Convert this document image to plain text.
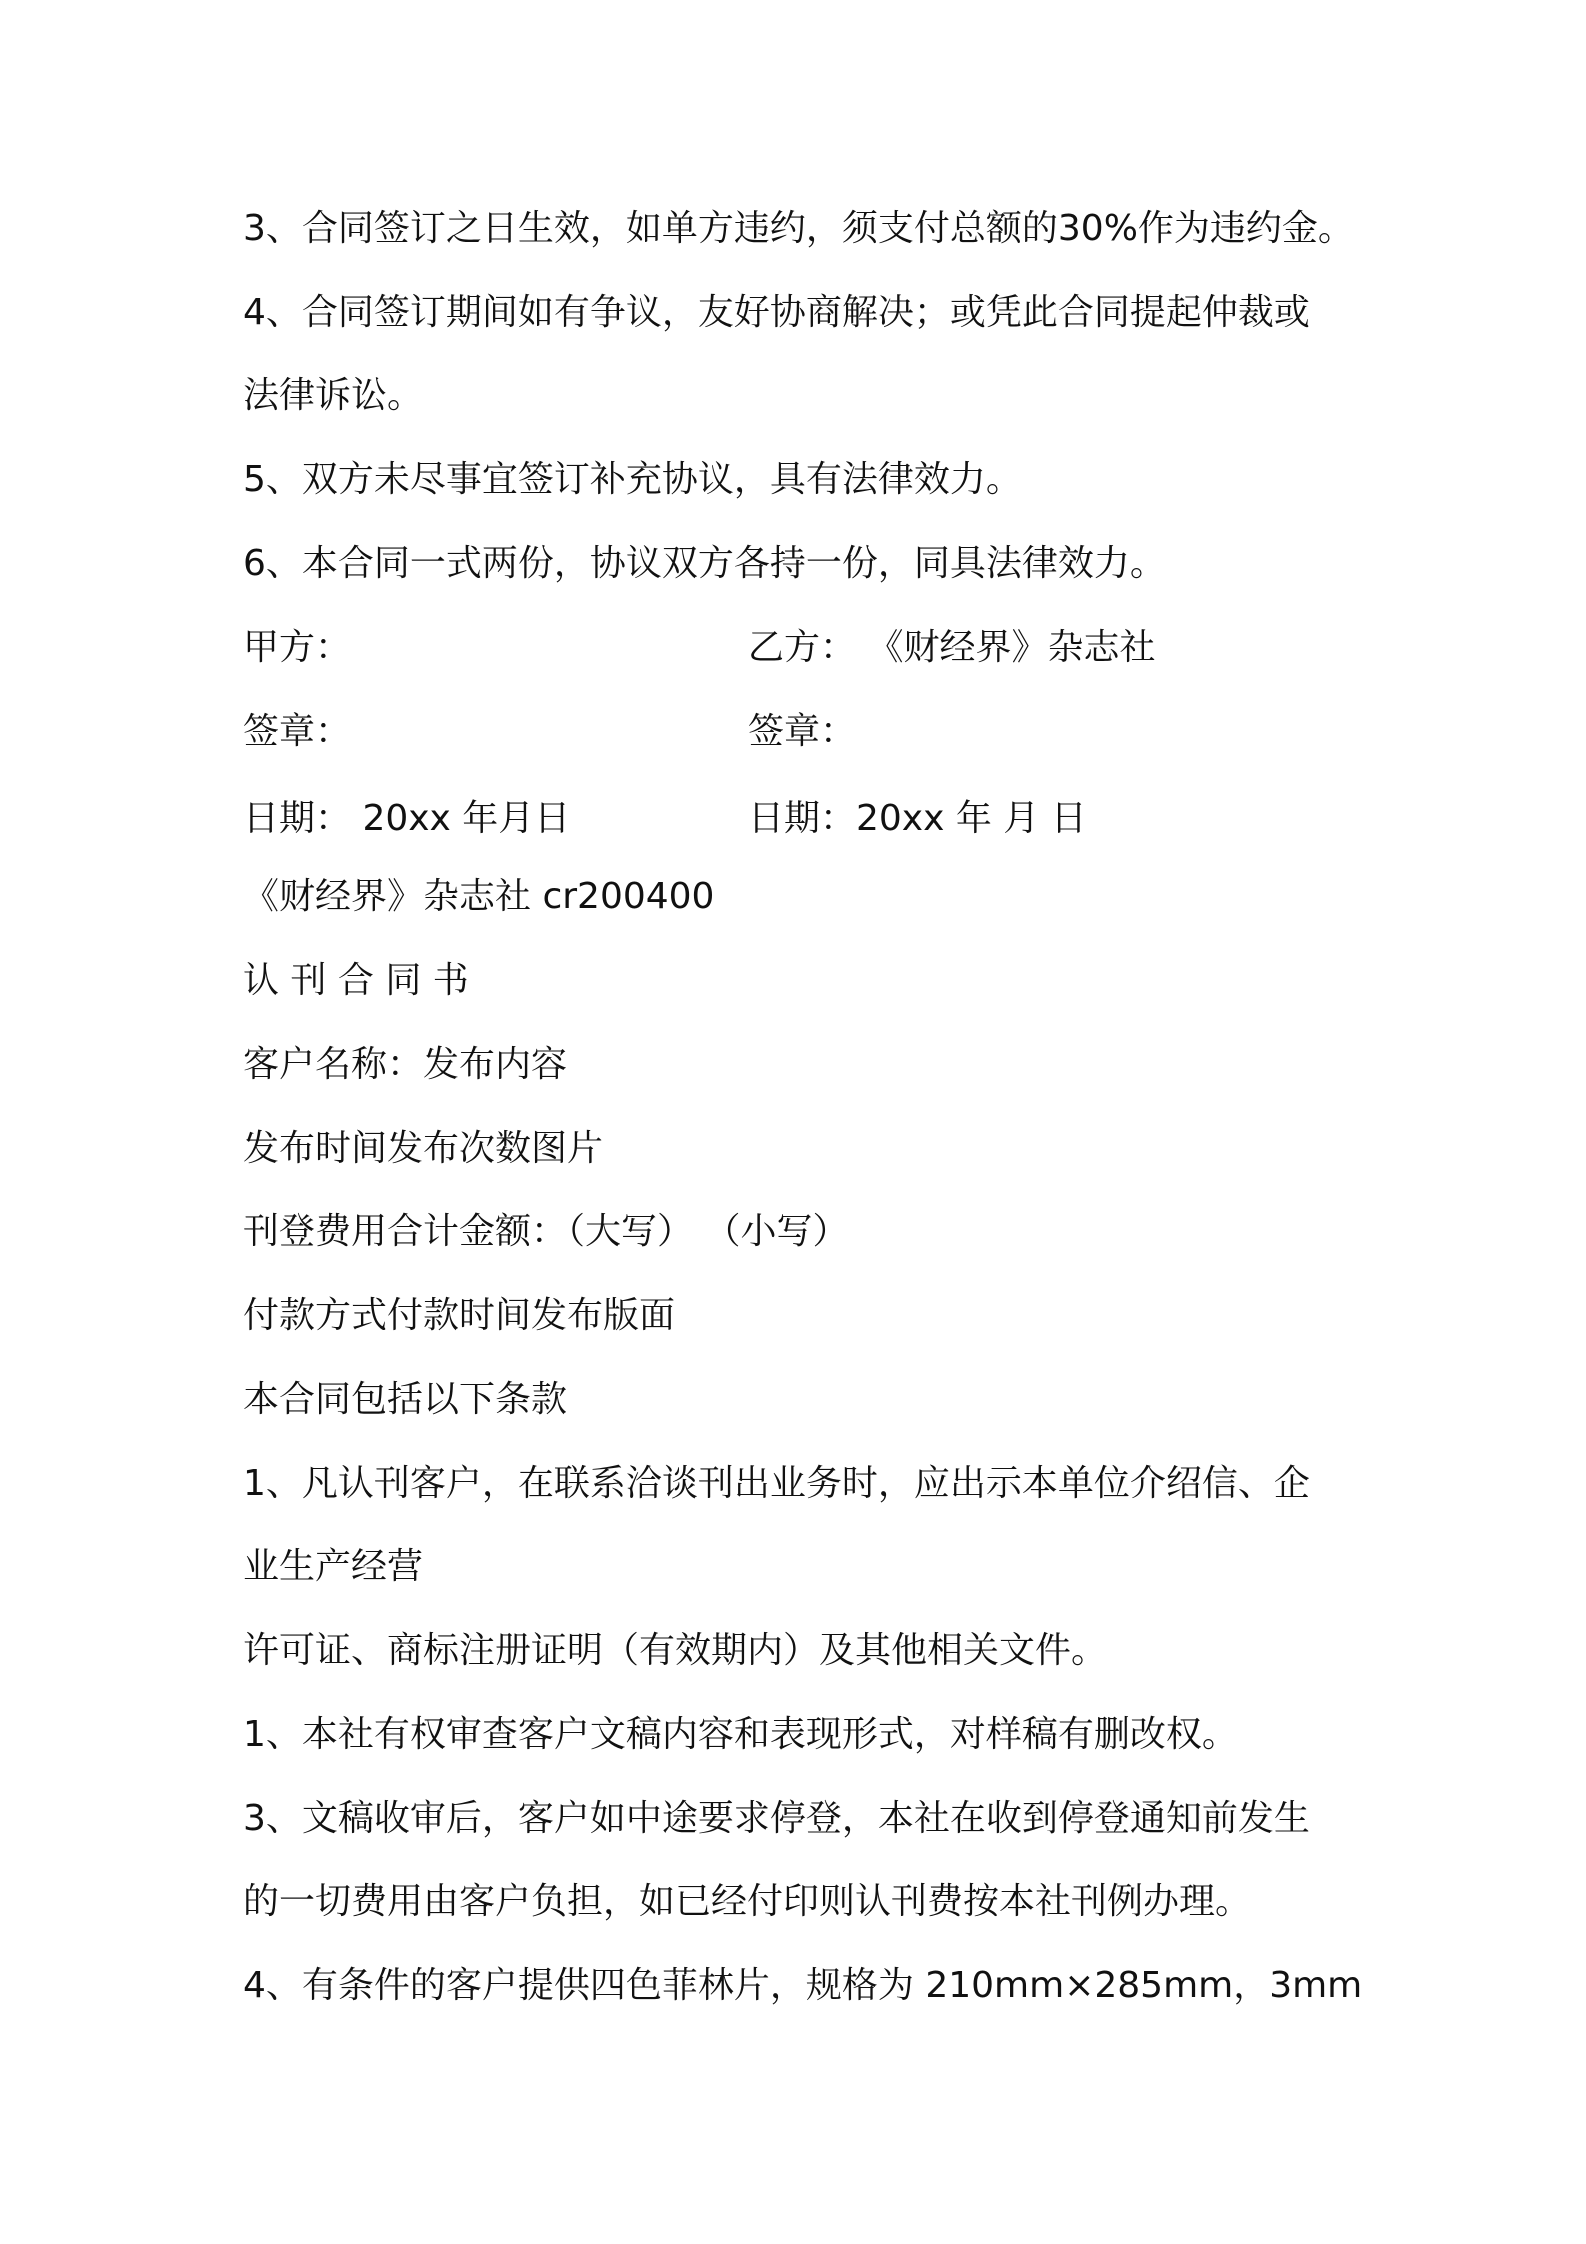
3、合同签订之日生效，如单方违约，须支付总额的30%作为违约金。
4、合同签订期间如有争议，友好协商解决；或凭此合同提起仲裁或
法律诉讼。
5、双方未尽事宜签订补充协议，具有法律效力。
6、本合同一式两份，协议双方各持一份，同具法律效力。
甲方：	乙方： 《财经界》杂志社
签章：	签章：
日期： 20xx 年月日	日期：20xx 年 月 日
《财经界》杂志社 cr200400
认 刊 合 同 书
客户名称：发布内容
发布时间发布次数图片
刊登费用合计金额：（大写） （小写）
付款方式付款时间发布版面
本合同包括以下条款
1、凡认刊客户，在联系洽谈刊出业务时，应出示本单位介绍信、企
业生产经营
许可证、商标注册证明（有效期内）及其他相关文件。
1、本社有权审查客户文稿内容和表现形式，对样稿有删改权。
3、文稿收审后，客户如中途要求停登，本社在收到停登通知前发生
的一切费用由客户负担，如已经付印则认刊费按本社刊例办理。
4、有条件的客户提供四色菲林片，规格为 210mm×285mm，3mm
